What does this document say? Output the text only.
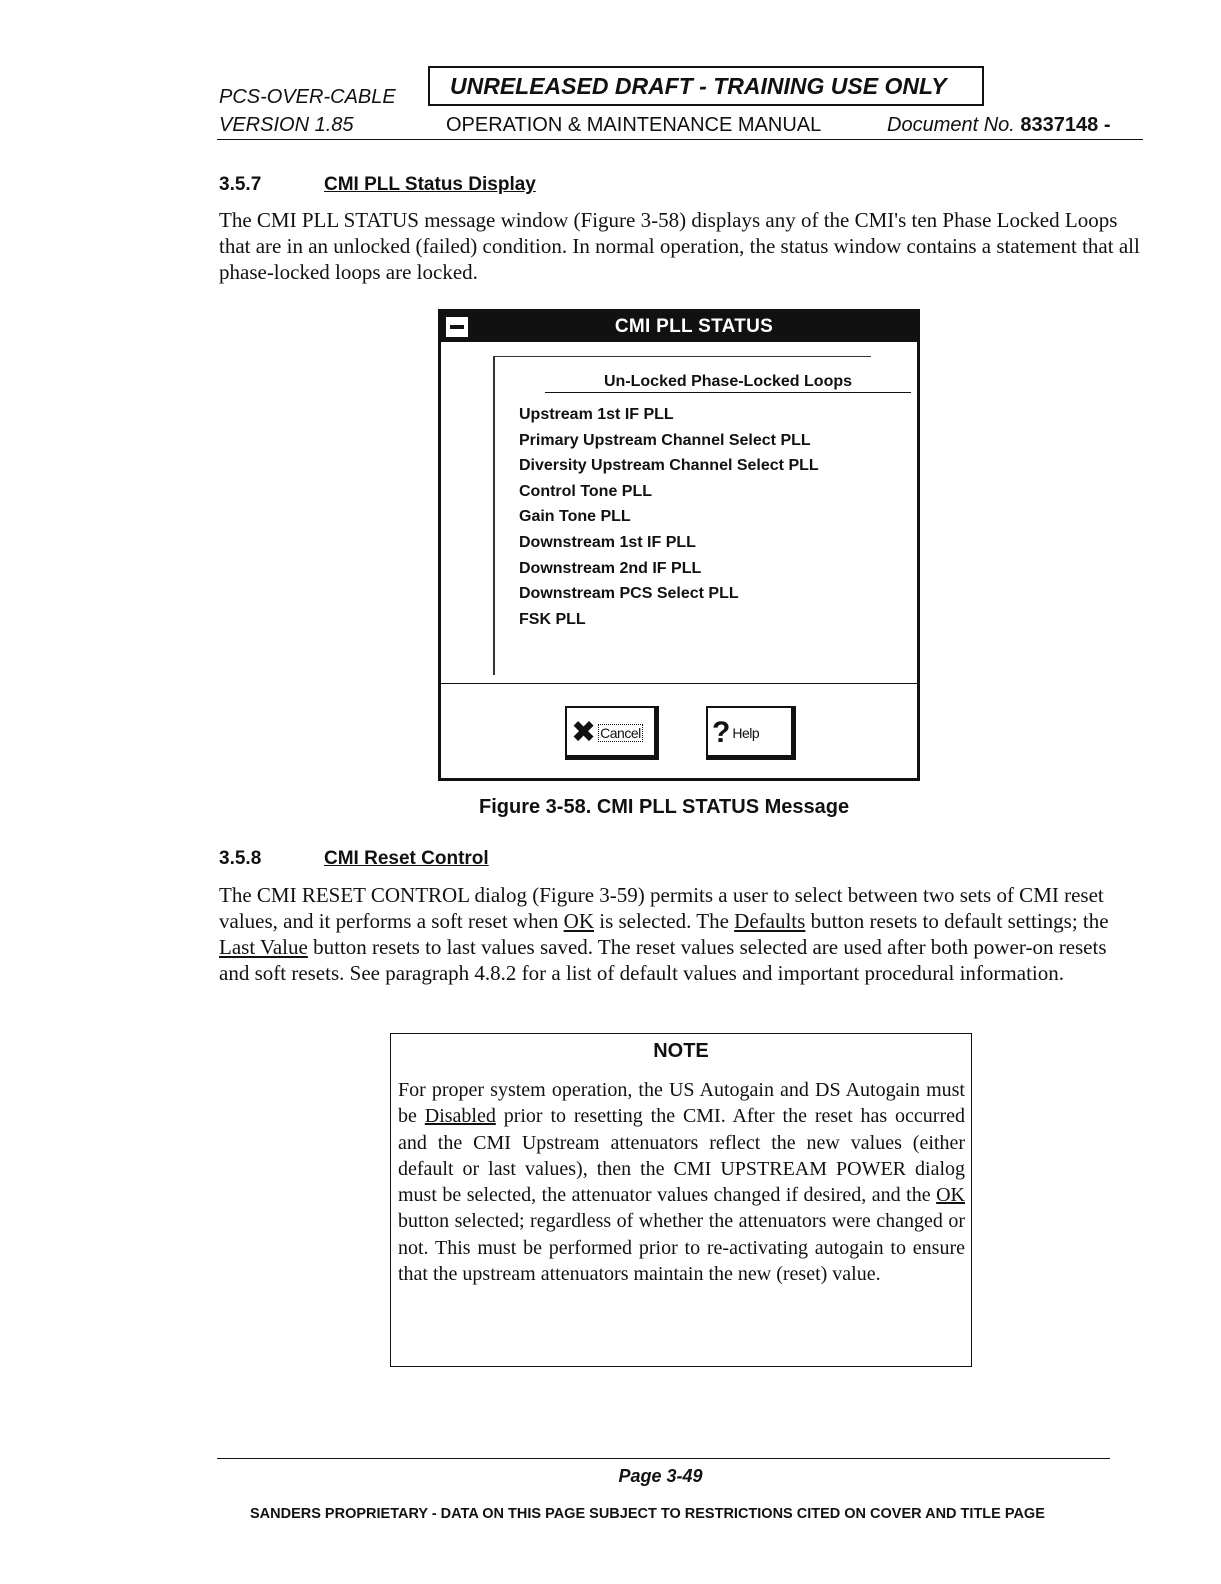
PCS-OVER-CABLE
VERSION 1.85
UNRELEASED DRAFT - TRAINING USE ONLY
OPERATION & MAINTENANCE MANUAL	Document No. 8337148 -
3.5.7	CMI PLL Status Display

The CMI PLL STATUS message window (Figure 3-58) displays any of the CMI's ten Phase Locked Loops that are in an unlocked (failed) condition. In normal operation, the status window contains a statement that all phase-locked loops are locked.

CMI PLL STATUS
Un-Locked Phase-Locked Loops
Upstream 1st IF PLL
Primary Upstream Channel Select PLL
Diversity Upstream Channel Select PLL
Control Tone PLL
Gain Tone PLL
Downstream 1st IF PLL
Downstream 2nd IF PLL
Downstream PCS Select PLL
FSK PLL
✖ Cancel ? Help
Figure 3-58. CMI PLL STATUS Message
3.5.8	CMI Reset Control

The CMI RESET CONTROL dialog (Figure 3-59) permits a user to select between two sets of CMI reset values, and it performs a soft reset when OK is selected. The Defaults button resets to default settings; the Last Value button resets to last values saved. The reset values selected are used after both power-on resets and soft resets. See paragraph 4.8.2 for a list of default values and important procedural information.

NOTE

For proper system operation, the US Autogain and DS Autogain must be Disabled prior to resetting the CMI. After the reset has occurred and the CMI Upstream attenuators reflect the new values (either default or last values), then the CMI UPSTREAM POWER dialog must be selected, the attenuator values changed if desired, and the OK button selected; regardless of whether the attenuators were changed or not. This must be performed prior to re-activating autogain to ensure that the upstream attenuators maintain the new (reset) value.

Page 3-49
SANDERS PROPRIETARY - DATA ON THIS PAGE SUBJECT TO RESTRICTIONS CITED ON COVER AND TITLE PAGE
